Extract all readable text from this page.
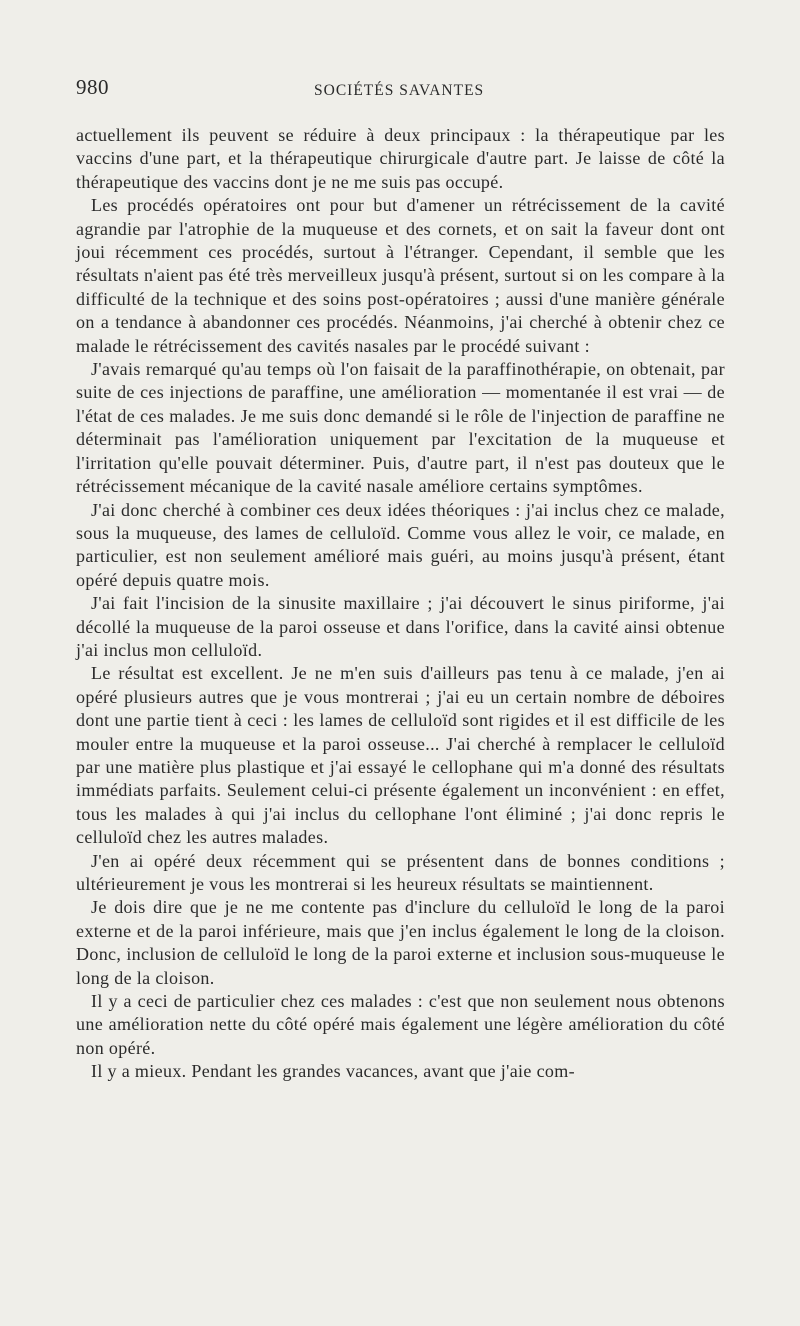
980	SOCIÉTÉS SAVANTES

actuellement ils peuvent se réduire à deux principaux : la thérapeutique par les vaccins d'une part, et la thérapeutique chirurgicale d'autre part. Je laisse de côté la thérapeutique des vaccins dont je ne me suis pas occupé.

Les procédés opératoires ont pour but d'amener un rétrécissement de la cavité agrandie par l'atrophie de la muqueuse et des cornets, et on sait la faveur dont ont joui récemment ces procédés, surtout à l'étranger. Cependant, il semble que les résultats n'aient pas été très merveilleux jusqu'à présent, surtout si on les compare à la difficulté de la technique et des soins post-opératoires ; aussi d'une manière générale on a tendance à abandonner ces procédés. Néanmoins, j'ai cherché à obtenir chez ce malade le rétrécissement des cavités nasales par le procédé suivant :

J'avais remarqué qu'au temps où l'on faisait de la paraffinothérapie, on obtenait, par suite de ces injections de paraffine, une amélioration — momentanée il est vrai — de l'état de ces malades. Je me suis donc demandé si le rôle de l'injection de paraffine ne déterminait pas l'amélioration uniquement par l'excitation de la muqueuse et l'irritation qu'elle pouvait déterminer. Puis, d'autre part, il n'est pas douteux que le rétrécissement mécanique de la cavité nasale améliore certains symptômes.

J'ai donc cherché à combiner ces deux idées théoriques : j'ai inclus chez ce malade, sous la muqueuse, des lames de celluloïd. Comme vous allez le voir, ce malade, en particulier, est non seulement amélioré mais guéri, au moins jusqu'à présent, étant opéré depuis quatre mois.

J'ai fait l'incision de la sinusite maxillaire ; j'ai découvert le sinus piriforme, j'ai décollé la muqueuse de la paroi osseuse et dans l'orifice, dans la cavité ainsi obtenue j'ai inclus mon celluloïd.

Le résultat est excellent. Je ne m'en suis d'ailleurs pas tenu à ce malade, j'en ai opéré plusieurs autres que je vous montrerai ; j'ai eu un certain nombre de déboires dont une partie tient à ceci : les lames de celluloïd sont rigides et il est difficile de les mouler entre la muqueuse et la paroi osseuse... J'ai cherché à remplacer le celluloïd par une matière plus plastique et j'ai essayé le cellophane qui m'a donné des résultats immédiats parfaits. Seulement celui-ci présente également un inconvénient : en effet, tous les malades à qui j'ai inclus du cellophane l'ont éliminé ; j'ai donc repris le celluloïd chez les autres malades.

J'en ai opéré deux récemment qui se présentent dans de bonnes conditions ; ultérieurement je vous les montrerai si les heureux résultats se maintiennent.

Je dois dire que je ne me contente pas d'inclure du celluloïd le long de la paroi externe et de la paroi inférieure, mais que j'en inclus également le long de la cloison. Donc, inclusion de celluloïd le long de la paroi externe et inclusion sous-muqueuse le long de la cloison.

Il y a ceci de particulier chez ces malades : c'est que non seulement nous obtenons une amélioration nette du côté opéré mais également une légère amélioration du côté non opéré.

Il y a mieux. Pendant les grandes vacances, avant que j'aie com-
